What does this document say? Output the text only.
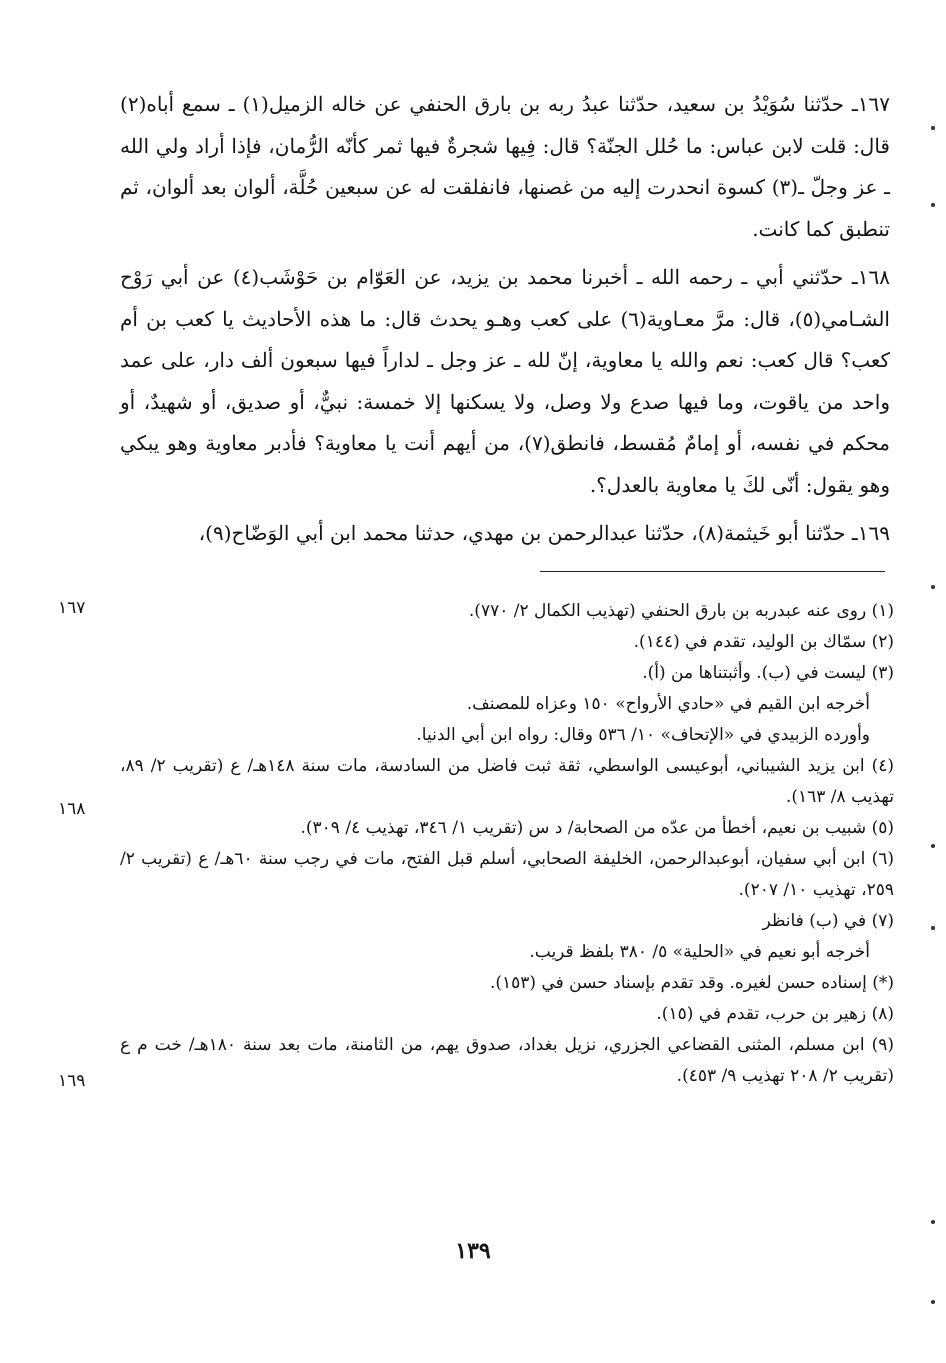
١٦٧ـ حدّثنا سُوَيْدُ بن سعيد، حدّثنا عبدُ ربه بن بارق الحنفي عن خاله الزميل(١) ـ سمع أباه(٢) قال: قلت لابن عباس: ما حُلل الجنّة؟ قال: فِيها شجرةٌ فيها ثمر كأنّه الرُّمان، فإذا أراد ولي الله ـ عز وجلّ ـ(٣) كسوة انحدرت إليه من غصنها، فانفلقت له عن سبعين حُلَّة، ألوان بعد ألوان، ثم تنطبق كما كانت.

١٦٨ـ حدّثني أبي ـ رحمه الله ـ أخبرنا محمد بن يزيد، عن العَوّام بن حَوْشَب(٤) عن أبي رَوْح الشـامي(٥)، قال: مرَّ معـاوية(٦) على كعب وهـو يحدث قال: ما هذه الأحاديث يا كعب بن أم كعب؟ قال كعب: نعم والله يا معاوية، إنّ لله ـ عز وجل ـ لداراً فيها سبعون ألف دار، على عمد واحد من ياقوت، وما فيها صدع ولا وصل، ولا يسكنها إلا خمسة: نبيٌّ، أو صديق، أو شهيدٌ، أو محكم في نفسه، أو إمامٌ مُقسط، فانطق(٧)، من أيهم أنت يا معاوية؟ فأدبر معاوية وهو يبكي وهو يقول: أنّى لكَ يا معاوية بالعدل؟.

١٦٩ـ حدّثنا أبو خَيثمة(٨)، حدّثنا عبدالرحمن بن مهدي، حدثنا محمد ابن أبي الوَضّاح(٩)،

(١) روى عنه عبدربه بن بارق الحنفي (تهذيب الكمال ٢/ ٧٧٠).

(٢) سمّاك بن الوليد، تقدم في (١٤٤).

(٣) ليست في (ب). وأثبتناها من (أ).

أخرجه ابن القيم في «حادي الأرواح» ١٥٠ وعزاه للمصنف.

وأورده الزبيدي في «الإتحاف» ١٠/ ٥٣٦ وقال: رواه ابن أبي الدنيا.

(٤) ابن يزيد الشيباني، أبوعيسى الواسطي، ثقة ثبت فاضل من السادسة، مات سنة ١٤٨هـ/ ع (تقريب ٢/ ٨٩، تهذيب ٨/ ١٦٣).

(٥) شبيب بن نعيم، أخطأ من عدّه من الصحابة/ د س (تقريب ١/ ٣٤٦، تهذيب ٤/ ٣٠٩).

(٦) ابن أبي سفيان، أبوعبدالرحمن، الخليفة الصحابي، أسلم قبل الفتح، مات في رجب سنة ٦٠هـ/ ع (تقريب ٢/ ٢٥٩، تهذيب ١٠/ ٢٠٧).

(٧) في (ب) فانظر

أخرجه أبو نعيم في «الحلية» ٥/ ٣٨٠ بلفظ قريب.

(*) إسناده حسن لغيره. وقد تقدم بإسناد حسن في (١٥٣).

(٨) زهير بن حرب، تقدم في (١٥).

(٩) ابن مسلم، المثنى القضاعي الجزري، نزيل بغداد، صدوق يهم، من الثامنة، مات بعد سنة ١٨٠هـ/ خت م ع (تقريب ٢/ ٢٠٨ تهذيب ٩/ ٤٥٣).

١٦٧
١٦٨
١٦٩
١٣٩
